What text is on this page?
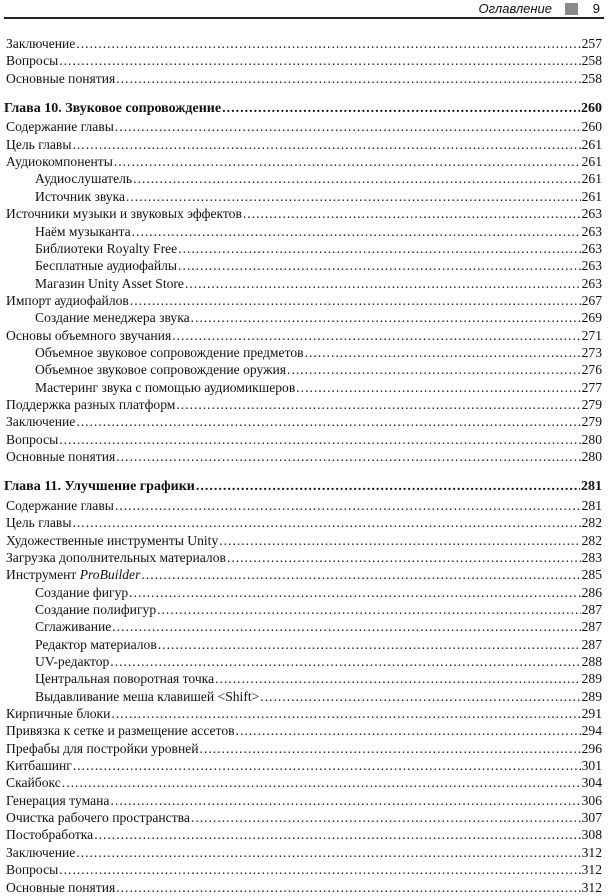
Оглавление	9
Заключение .....	257
Вопросы .....	258
Основные понятия .....	258
Глава 10. Звуковое сопровождение .....	260
Содержание главы .....	260
Цель главы .....	261
Аудиокомпоненты .....	261
Аудиослушатель .....	261
Источник звука .....	261
Источники музыки и звуковых эффектов .....	263
Наём музыканта .....	263
Библиотеки Royalty Free .....	263
Бесплатные аудиофайлы .....	263
Магазин Unity Asset Store .....	263
Импорт аудиофайлов .....	267
Создание менеджера звука .....	269
Основы объемного звучания .....	271
Объемное звуковое сопровождение предметов .....	273
Объемное звуковое сопровождение оружия .....	276
Мастеринг звука с помощью аудиомикшеров .....	277
Поддержка разных платформ .....	279
Заключение .....	279
Вопросы .....	280
Основные понятия .....	280
Глава 11. Улучшение графики .....	281
Содержание главы .....	281
Цель главы .....	282
Художественные инструменты Unity .....	282
Загрузка дополнительных материалов .....	283
Инструмент ProBuilder .....	285
Создание фигур .....	286
Создание полифигур .....	287
Сглаживание .....	287
Редактор материалов .....	287
UV-редактор .....	288
Центральная поворотная точка .....	289
Выдавливание меша клавишей <Shift> .....	289
Кирпичные блоки .....	291
Привязка к сетке и размещение ассетов .....	294
Префабы для постройки уровней .....	296
Китбашинг .....	301
Скайбокс .....	304
Генерация тумана .....	306
Очистка рабочего пространства .....	307
Постобработка .....	308
Заключение .....	312
Вопросы .....	312
Основные понятия .....	312
